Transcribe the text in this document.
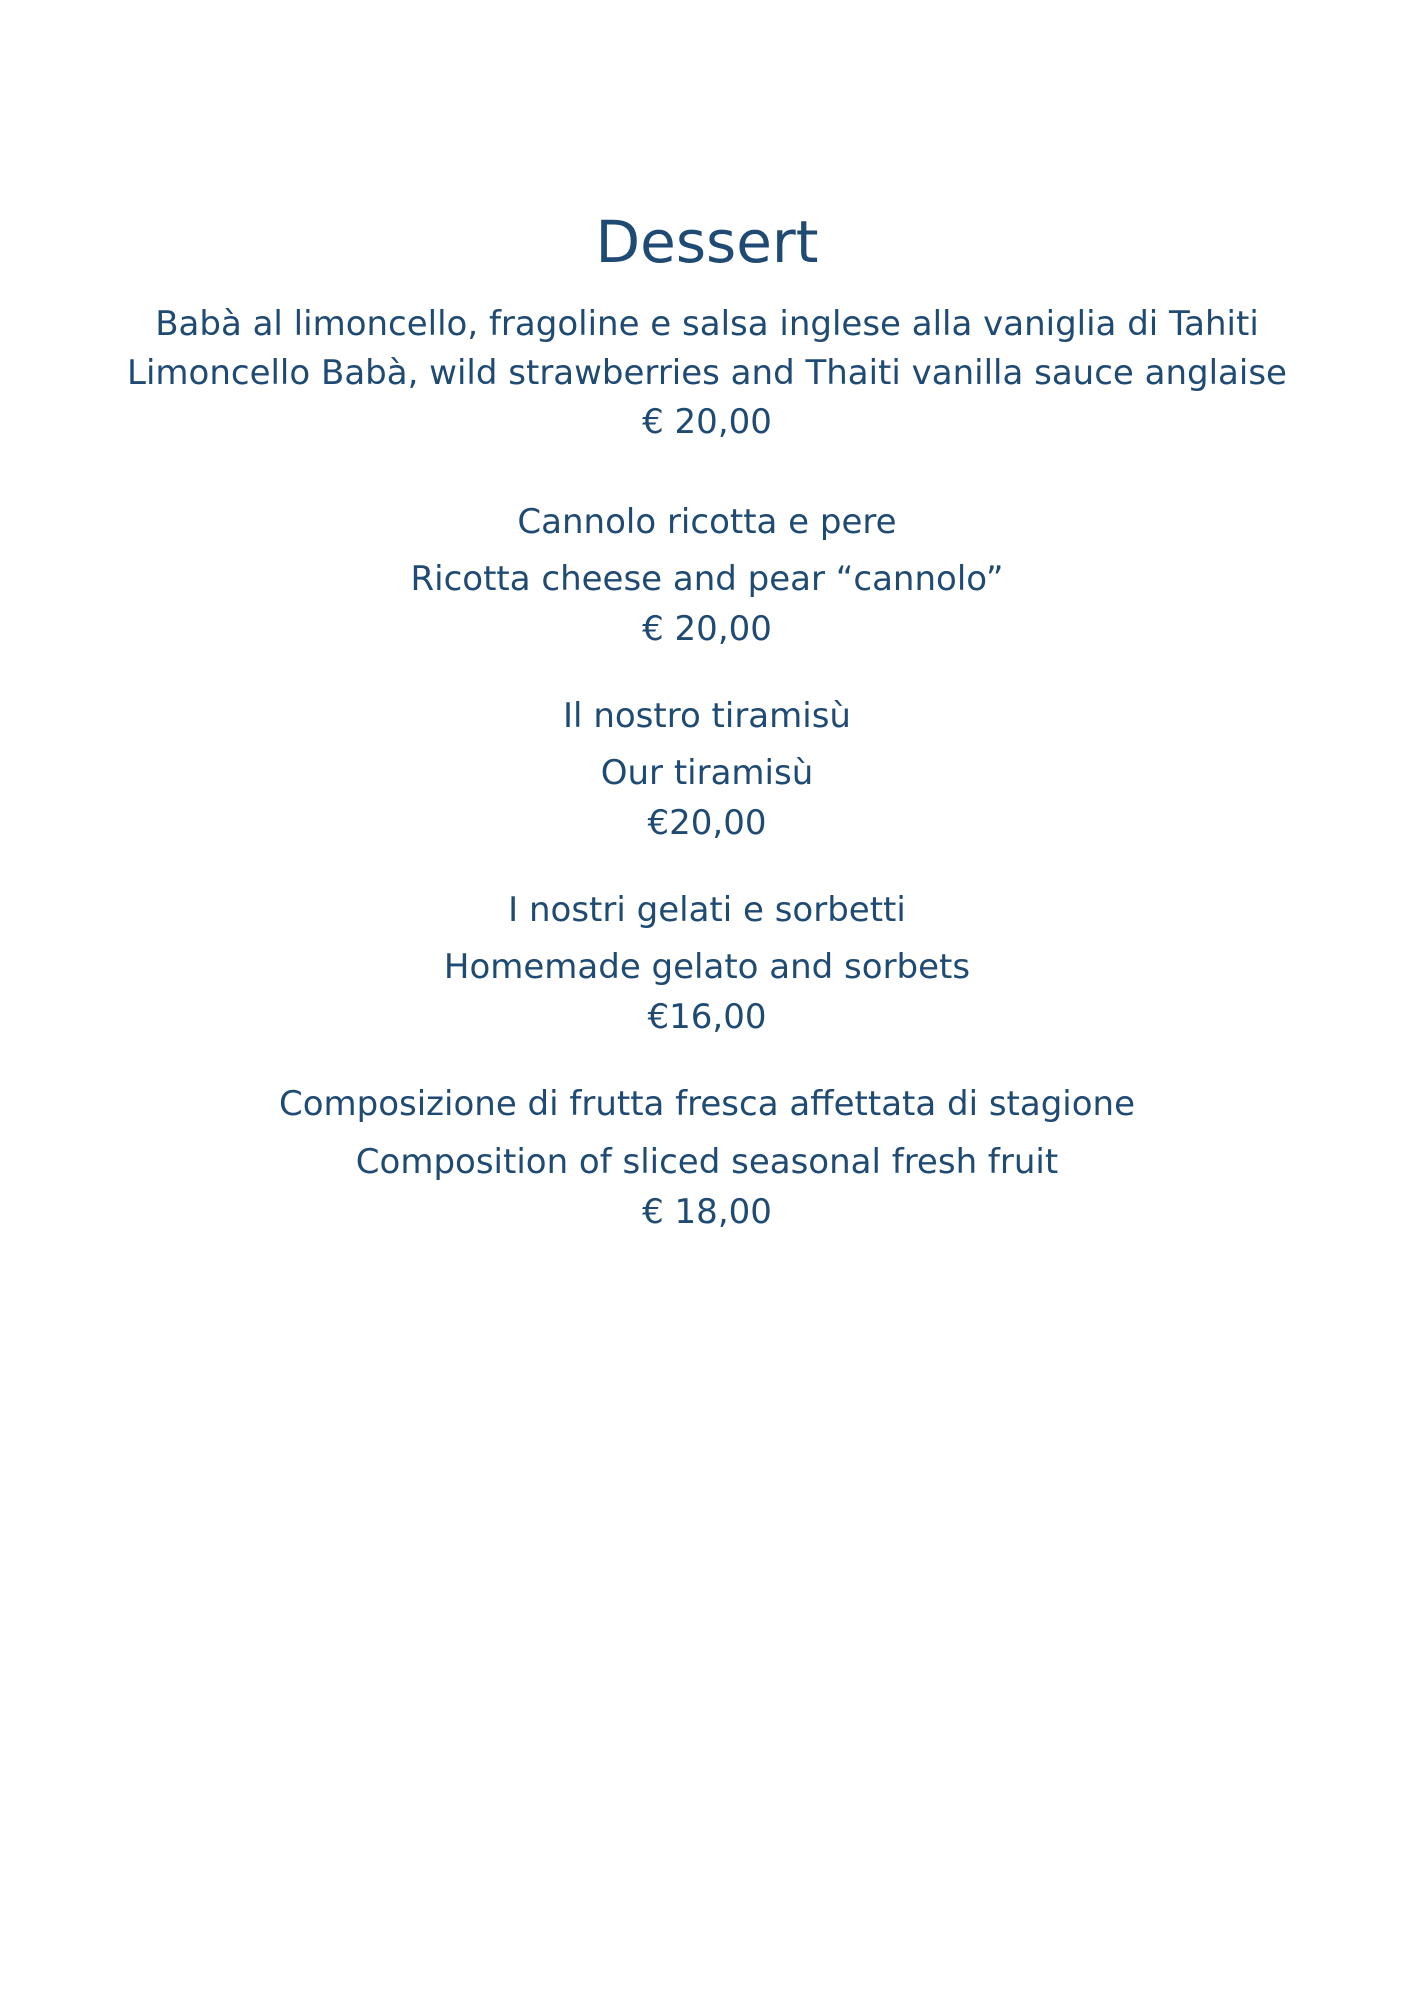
Dessert
Babà al limoncello, fragoline e salsa inglese alla vaniglia di Tahiti
Limoncello Babà, wild strawberries and Thaiti vanilla sauce anglaise
€ 20,00
Cannolo ricotta e pere
Ricotta cheese and pear “cannolo”
€ 20,00
Il nostro tiramisù
Our tiramisù
€20,00
I nostri gelati e sorbetti
Homemade gelato and sorbets
€16,00
Composizione di frutta fresca affettata di stagione
Composition of sliced seasonal fresh fruit
€ 18,00
